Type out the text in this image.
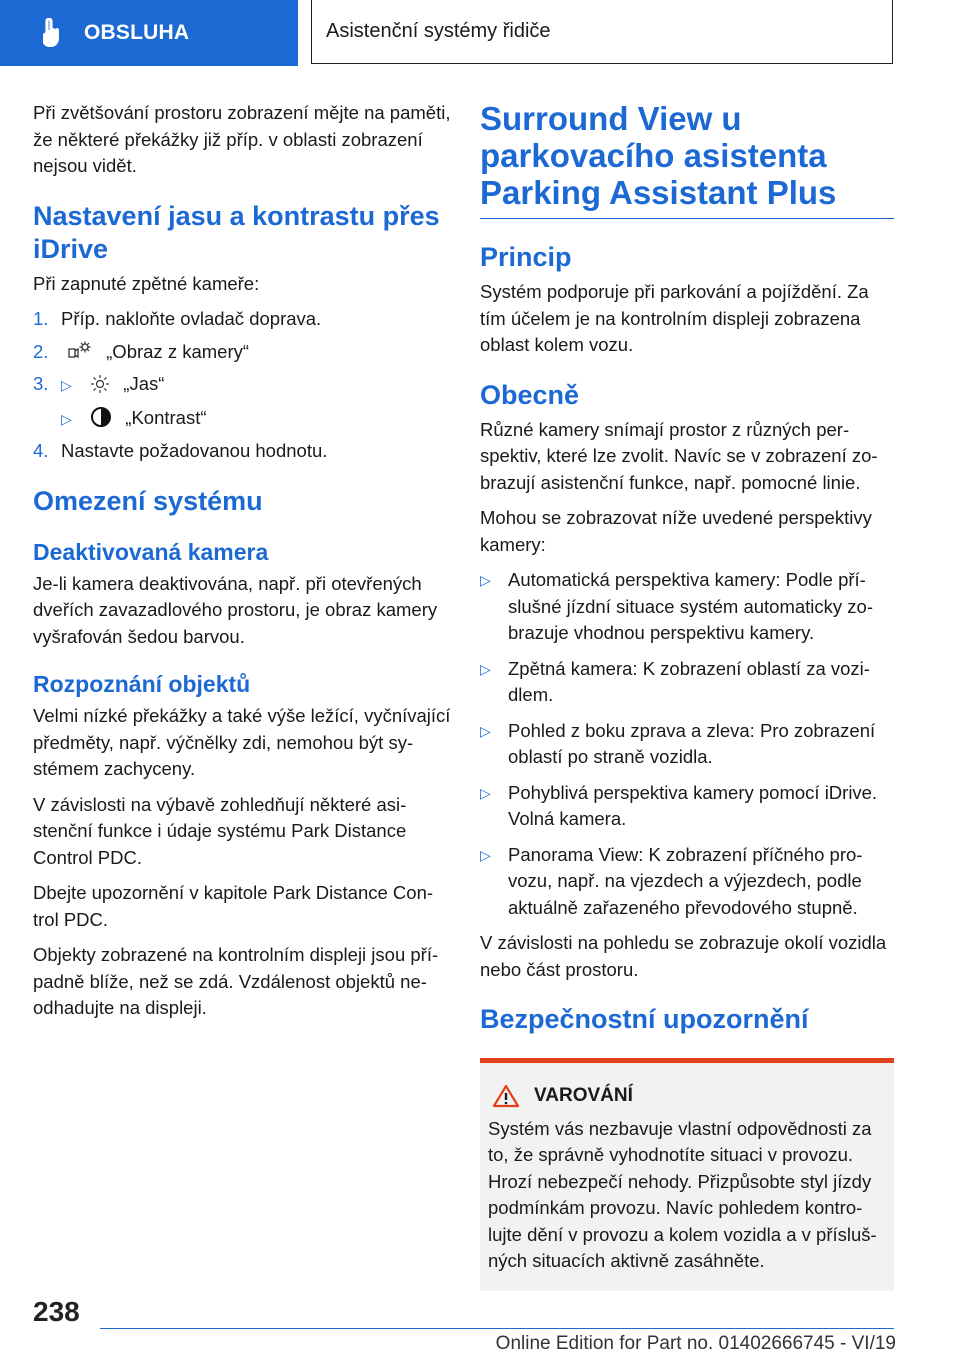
OBSLUHA	Asistenční systémy řidiče

Při zvětšování prostoru zobrazení mějte na paměti, že některé překážky již příp. v oblasti zobrazení nejsou vidět.

Nastavení jasu a kontrastu přes iDrive

Při zapnuté zpětné kameře:

1. Příp. nakloňte ovladač doprava.
2.	„Obraz z kamery“
3. ▷	„Jas“
▷	„Kontrast“
4. Nastavte požadovanou hodnotu.
Omezení systému
Deaktivovaná kamera

Je-li kamera deaktivována, např. při otevřených dveřích zavazadlového prostoru, je obraz kamery vyšrafován šedou barvou.

Rozpoznání objektů

Velmi nízké překážky a také výše ležící, vyčnívající předměty, např. výčnělky zdi, nemohou být systémem zachyceny.

V závislosti na výbavě zohledňují některé asistenční funkce i údaje systému Park Distance Control PDC.

Dbejte upozornění v kapitole Park Distance Control PDC.

Objekty zobrazené na kontrolním displeji jsou případně blíže, než se zdá. Vzdálenost objektů neodhadujte na displeji.

Surround View u parkovacího asistenta Parking Assistant Plus
Princip

Systém podporuje při parkování a pojíždění. Za tím účelem je na kontrolním displeji zobrazena oblast kolem vozu.

Obecně

Různé kamery snímají prostor z různých perspektiv, které lze zvolit. Navíc se v zobrazení zobrazují asistenční funkce, např. pomocné linie.

Mohou se zobrazovat níže uvedené perspektivy kamery:

▷ Automatická perspektiva kamery: Podle příslušné jízdní situace systém automaticky zobrazuje vhodnou perspektivu kamery.
▷ Zpětná kamera: K zobrazení oblastí za vozidlem.
▷ Pohled z boku zprava a zleva: Pro zobrazení oblastí po straně vozidla.
▷ Pohyblivá perspektiva kamery pomocí iDrive. Volná kamera.
▷ Panorama View: K zobrazení příčného provozu, např. na vjezdech a výjezdech, podle aktuálně zařazeného převodového stupně.

V závislosti na pohledu se zobrazuje okolí vozidla nebo část prostoru.

Bezpečnostní upozornění
VAROVÁNÍ

Systém vás nezbavuje vlastní odpovědnosti za to, že správně vyhodnotíte situaci v provozu. Hrozí nebezpečí nehody. Přizpůsobte styl jízdy podmínkám provozu. Navíc pohledem kontrolujte dění v provozu a kolem vozidla a v příslušných situacích aktivně zasáhněte.

238
Online Edition for Part no. 01402666745 - VI/19
